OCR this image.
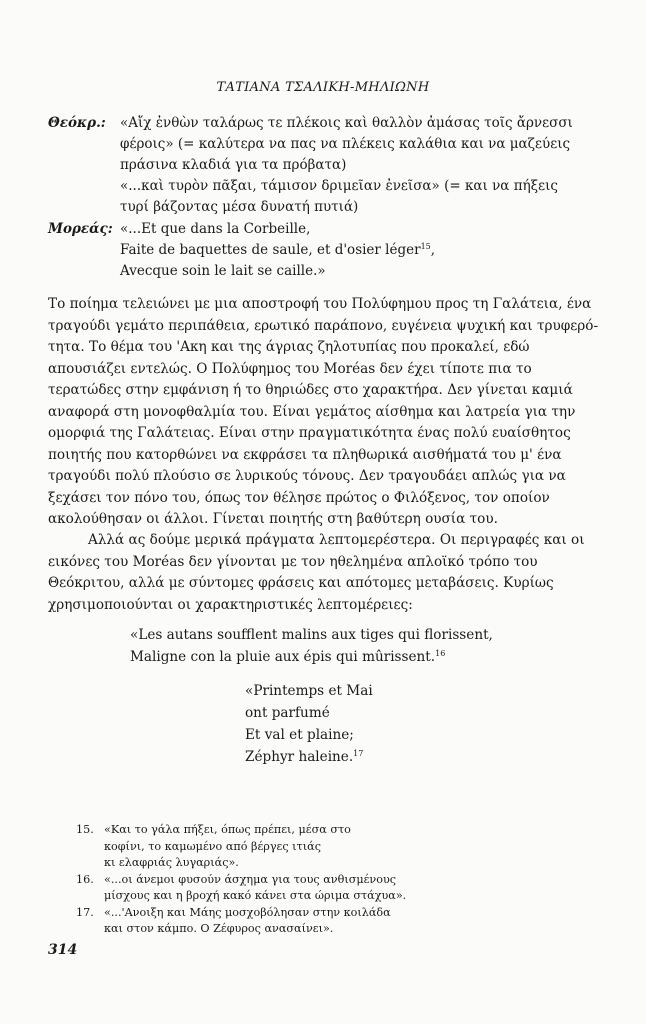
ΤΑΤΙΑΝΑ ΤΣΑΛΙΚΗ-ΜΗΛΙΩΝΗ
Θεόκρ.: «Αἴχ ἐνθὼν ταλάρως τε πλέκοις καὶ θαλλὸν ἀμάσας τοῖς ἄρνεσσι
φέροις» (= καλύτερα να πας να πλέκεις καλάθια και να μαζεύεις
πράσινα κλαδιά για τα πρόβατα)
«...καὶ τυρὸν πᾶξαι, τάμισον δριμεῖαν ἐνεῖσα» (= και να πήξεις
τυρί βάζοντας μέσα δυνατή πυτιά)
Μορεάς: «...Et que dans la Corbeille,
Faite de baquettes de saule, et d'osier léger$^{15}$,
Avecque soin le lait se caille.»
Το ποίημα τελειώνει με μια αποστροφή του Πολύφημου προς τη Γαλάτεια, ένα
τραγούδι γεμάτο περιπάθεια, ερωτικό παράπονο, ευγένεια ψυχική και τρυφερό-
τητα. Το θέμα του 'Ακη και της άγριας ζηλοτυπίας που προκαλεί, εδώ
απουσιάζει εντελώς. Ο Πολύφημος του Moréas δεν έχει τίποτε πια το
τερατώδες στην εμφάνιση ή το θηριώδες στο χαρακτήρα. Δεν γίνεται καμιά
αναφορά στη μονοφθαλμία του. Είναι γεμάτος αίσθημα και λατρεία για την
ομορφιά της Γαλάτειας. Είναι στην πραγματικότητα ένας πολύ ευαίσθητος
ποιητής που κατορθώνει να εκφράσει τα πληθωρικά αισθήματά του μ' ένα
τραγούδι πολύ πλούσιο σε λυρικούς τόνους. Δεν τραγουδάει απλώς για να
ξεχάσει τον πόνο του, όπως τον θέλησε πρώτος ο Φιλόξενος, τον οποίον
ακολούθησαν οι άλλοι. Γίνεται ποιητής στη βαθύτερη ουσία του.
Αλλά ας δούμε μερικά πράγματα λεπτομερέστερα. Οι περιγραφές και οι
εικόνες του Moréas δεν γίνονται με τον ηθελημένα απλοϊκό τρόπο του
Θεόκριτου, αλλά με σύντομες φράσεις και απότομες μεταβάσεις. Κυρίως
χρησιμοποιούνται οι χαρακτηριστικές λεπτομέρειες:
«Les autans soufflent malins aux tiges qui florissent,
Maligne con la pluie aux épis qui mûrissent.$^{16}$
«Printemps et Mai
ont parfumé
Et val et plaine;
Zéphyr haleine.$^{17}$
15. «Και το γάλα πήξει, όπως πρέπει, μέσα στο
κοφίνι, το καμωμένο από βέργες ιτιάς
κι ελαφριάς λυγαριάς».
16. «...οι άνεμοι φυσούν άσχημα για τους ανθισμένους
μίσχους και η βροχή κακό κάνει στα ώριμα στάχυα».
17. «...'Ανοιξη και Μάης μοσχοβόλησαν στην κοιλάδα
και στον κάμπο. Ο Ζέφυρος ανασαίνει».
314
